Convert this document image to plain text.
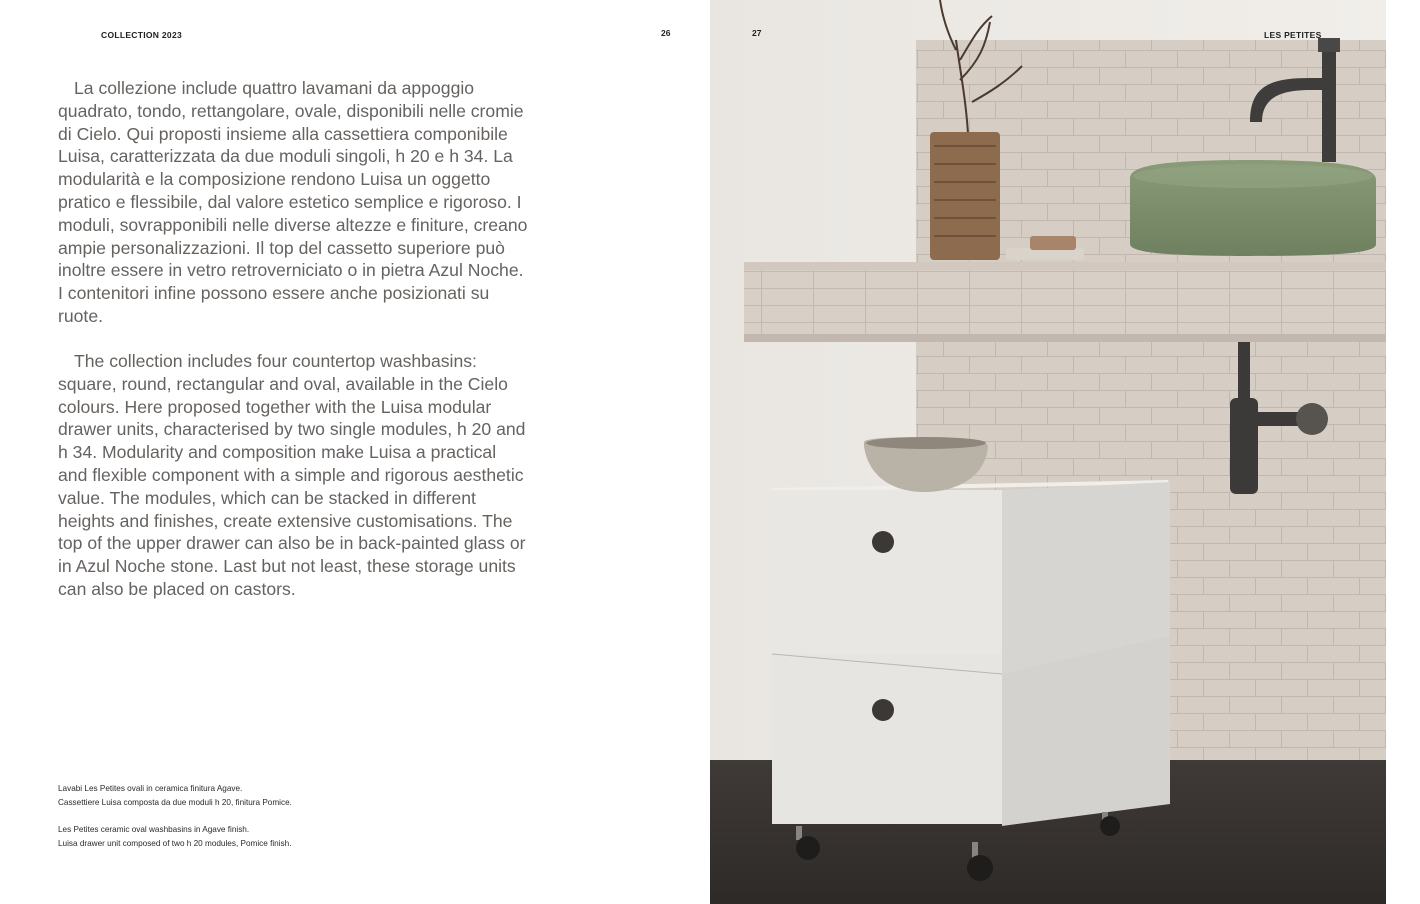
COLLECTION 2023	26

La collezione include quattro lavamani da appoggio quadrato, tondo, rettangolare, ovale, disponibili nelle cromie di Cielo. Qui proposti insieme alla cassettiera componibile Luisa, caratterizzata da due moduli singoli, h 20 e h 34. La modularità e la composizione rendono Luisa un oggetto pratico e flessibile, dal valore estetico semplice e rigoroso. I moduli, sovrapponibili nelle diverse altezze e finiture, creano ampie personalizzazioni. Il top del cassetto superiore può inoltre essere in vetro retroverniciato o in pietra Azul Noche. I contenitori infine possono essere anche posizionati su ruote.

The collection includes four countertop washbasins: square, round, rectangular and oval, available in the Cielo colours. Here proposed together with the Luisa modular drawer units, characterised by two single modules, h 20 and h 34. Modularity and composition make Luisa a practical and flexible component with a simple and rigorous aesthetic value. The modules, which can be stacked in different heights and finishes, create extensive customisations. The top of the upper drawer can also be in back-painted glass or in Azul Noche stone. Last but not least, these storage units can also be placed on castors.

Lavabi Les Petites ovali in ceramica finitura Agave.
Cassettiere Luisa composta da due moduli h 20, finitura Pomice.

Les Petites ceramic oval washbasins in Agave finish.
Luisa drawer unit composed of two h 20 modules, Pomice finish.

27	LES PETITES
